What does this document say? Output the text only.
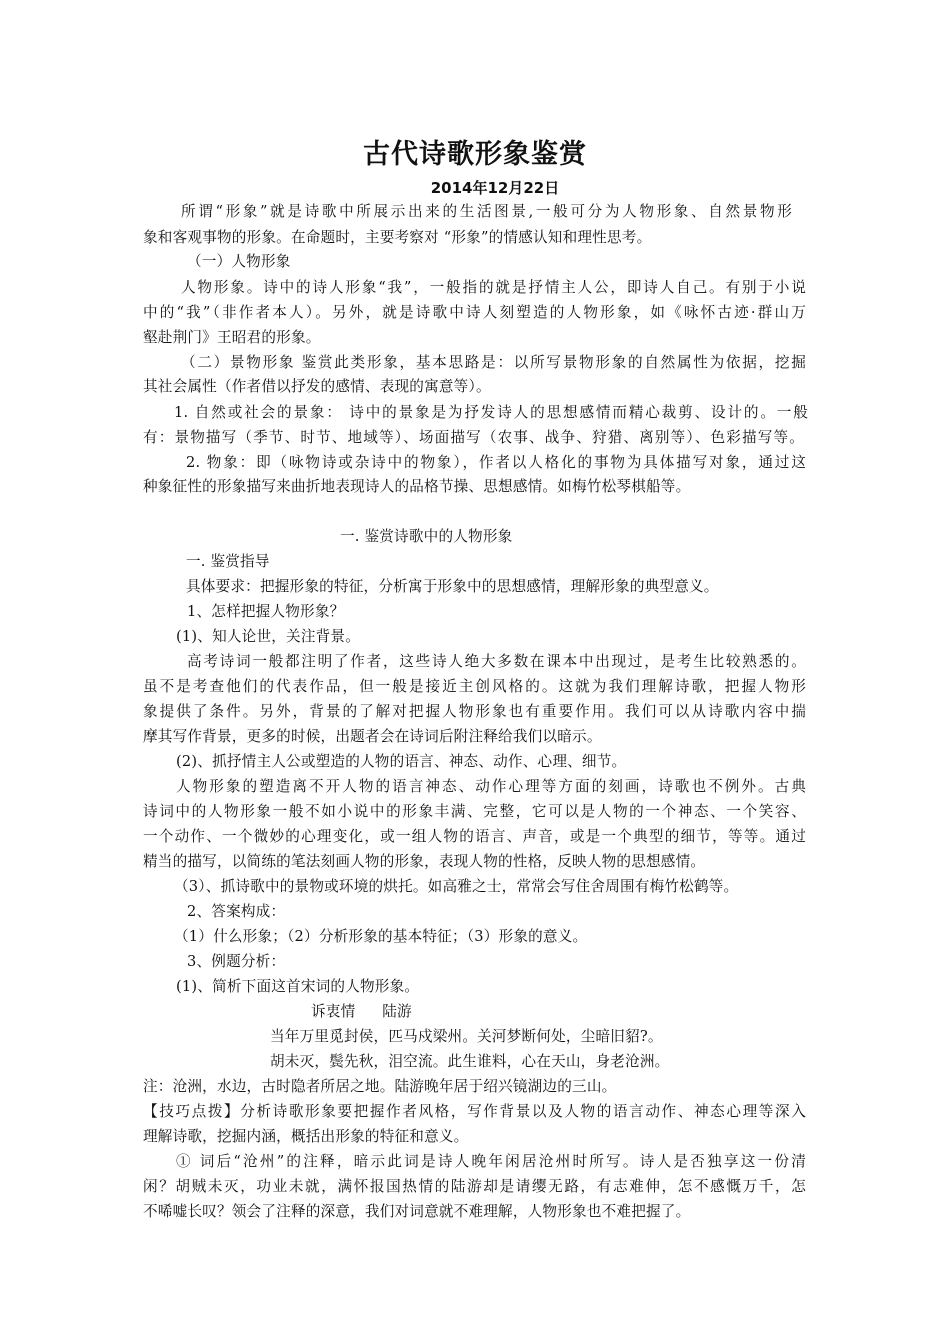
古代诗歌形象鉴赏
2014年12月22日
所谓“形象”就是诗歌中所展示出来的生活图景,一般可分为人物形象、自然景物形
象和客观事物的形象。在命题时，主要考察对 “形象”的情感认知和理性思考。
（一）人物形象
人物形象。诗中的诗人形象“我”，一般指的就是抒情主人公，即诗人自己。有别于小说
中的“我”（非作者本人）。另外，就是诗歌中诗人刻塑造的人物形象，如《咏怀古迹·群山万
壑赴荆门》王昭君的形象。
（二）景物形象 鉴赏此类形象，基本思路是：以所写景物形象的自然属性为依据，挖掘
其社会属性（作者借以抒发的感情、表现的寓意等）。
1. 自然或社会的景象： 诗中的景象是为抒发诗人的思想感情而精心裁剪、设计的。一般
有：景物描写（季节、时节、地域等）、场面描写（农事、战争、狩猎、离别等）、色彩描写等。
2. 物象：即（咏物诗或杂诗中的物象），作者以人格化的事物为具体描写对象，通过这
种象征性的形象描写来曲折地表现诗人的品格节操、思想感情。如梅竹松琴棋船等。
一. 鉴赏诗歌中的人物形象
一. 鉴赏指导
具体要求：把握形象的特征，分析寓于形象中的思想感情，理解形象的典型意义。
1、怎样把握人物形象？
(1)、知人论世，关注背景。
高考诗词一般都注明了作者，这些诗人绝大多数在课本中出现过，是考生比较熟悉的。
虽不是考查他们的代表作品，但一般是接近主创风格的。这就为我们理解诗歌，把握人物形
象提供了条件。另外，背景的了解对把握人物形象也有重要作用。我们可以从诗歌内容中揣
摩其写作背景，更多的时候，出题者会在诗词后附注释给我们以暗示。
(2)、抓抒情主人公或塑造的人物的语言、神态、动作、心理、细节。
人物形象的塑造离不开人物的语言神态、动作心理等方面的刻画，诗歌也不例外。古典
诗词中的人物形象一般不如小说中的形象丰满、完整，它可以是人物的一个神态、一个笑容、
一个动作、一个微妙的心理变化，或一组人物的语言、声音，或是一个典型的细节，等等。通过
精当的描写，以简练的笔法刻画人物的形象，表现人物的性格，反映人物的思想感情。
（3）、抓诗歌中的景物或环境的烘托。如高雅之士，常常会写住舍周围有梅竹松鹤等。
2、答案构成：
（1）什么形象；（2）分析形象的基本特征；（3）形象的意义。
3、例题分析：
(1)、简析下面这首宋词的人物形象。
诉衷情 陆游
当年万里觅封侯，匹马戍梁州。关河梦断何处，尘暗旧貂?。
胡未灭，鬓先秋，泪空流。此生谁料，心在天山，身老沧洲。
注：沧洲，水边，古时隐者所居之地。陆游晚年居于绍兴镜湖边的三山。
【技巧点拨】分析诗歌形象要把握作者风格，写作背景以及人物的语言动作、神态心理等深入
理解诗歌，挖掘内涵，概括出形象的特征和意义。
① 词后“沧州”的注释，暗示此词是诗人晚年闲居沧州时所写。诗人是否独享这一份清
闲？胡贼未灭，功业未就，满怀报国热情的陆游却是请缨无路，有志难伸，怎不感慨万千，怎
不唏嘘长叹？领会了注释的深意，我们对词意就不难理解，人物形象也不难把握了。
